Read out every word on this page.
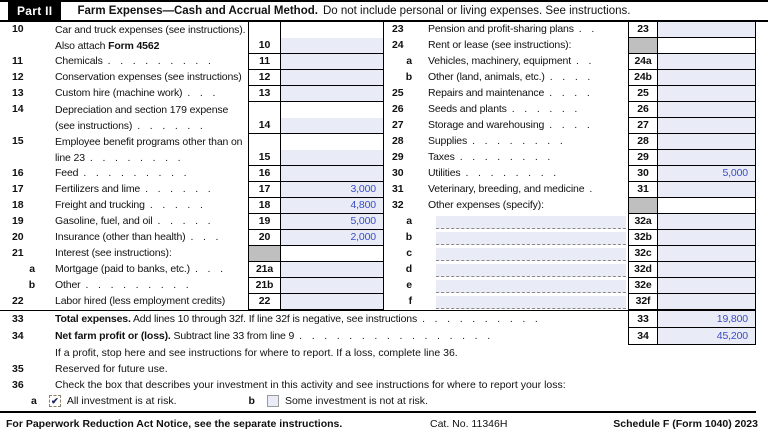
Part II	Farm Expenses—Cash and Accrual Method. Do not include personal or living expenses. See instructions.
10	Car and truck expenses (see instructions). Also attach Form 4562	10
11	Chemicals . . . . . . . . .	11
12	Conservation expenses (see instructions)	12
13	Custom hire (machine work) . . .	13
14	Depreciation and section 179 expense (see instructions) . . . . . .	14
15	Employee benefit programs other than on line 23 . . . . . . . .	15
16	Feed . . . . . . . . .	16
17	Fertilizers and lime . . . . . .	17	3,000
18	Freight and trucking . . . . .	18	4,800
19	Gasoline, fuel, and oil . . . . .	19	5,000
20	Insurance (other than health) . . .	20	2,000
21	Interest (see instructions):
a	Mortgage (paid to banks, etc.) . . .	21a
b	Other . . . . . . . . .	21b
22	Labor hired (less employment credits)	22
23	Pension and profit-sharing plans . .	23
24	Rent or lease (see instructions):
a	Vehicles, machinery, equipment . .	24a
b	Other (land, animals, etc.) . . . .	24b
25	Repairs and maintenance . . . .	25
26	Seeds and plants . . . . . .	26
27	Storage and warehousing . . . .	27
28	Supplies . . . . . . . .	28
29	Taxes . . . . . . . .	29
30	Utilities . . . . . . . .	30	5,000
31	Veterinary, breeding, and medicine .	31
32	Other expenses (specify):
a	32a
b	32b
c	32c
d	32d
e	32e
f	32f
33	Total expenses. Add lines 10 through 32f. If line 32f is negative, see instructions . . . . . . . . . .	33	19,800
34	Net farm profit or (loss). Subtract line 33 from line 9 . . . . . . . . . . . . . . . .	34	45,200
If a profit, stop here and see instructions for where to report. If a loss, complete line 36.
35	Reserved for future use.
36	Check the box that describes your investment in this activity and see instructions for where to report your loss:
a ✔ All investment is at risk.	b	Some investment is not at risk.
For Paperwork Reduction Act Notice, see the separate instructions.	Cat. No. 11346H	Schedule F (Form 1040) 2023
